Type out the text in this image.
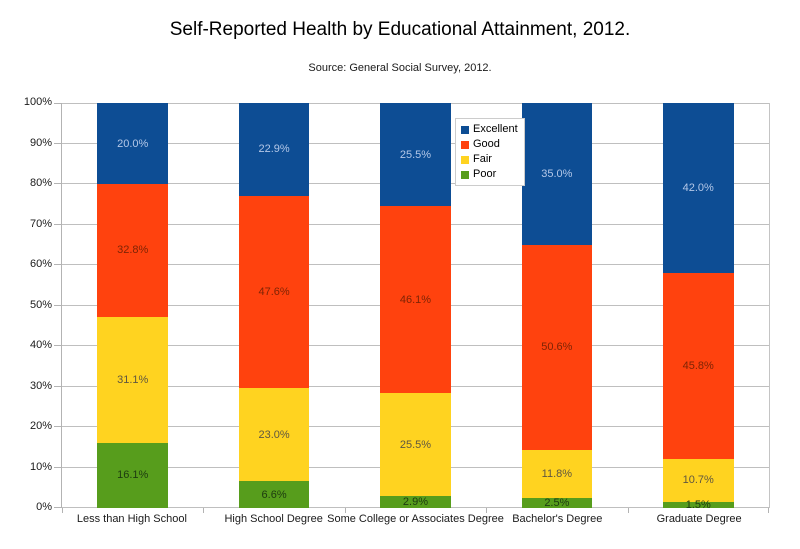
Self-Reported Health by Educational Attainment, 2012.
Source: General Social Survey, 2012.
0%
10%
20%
30%
40%
50%
60%
70%
80%
90%
100%
20.0%
32.8%
31.1%
16.1%
22.9%
47.6%
23.0%
6.6%
25.5%
46.1%
25.5%
2.9%
35.0%
50.6%
11.8%
2.5%
42.0%
45.8%
10.7%
1.5%
Excellent
Good
Fair
Poor
Less than High School	High School Degree Some College or Associates Degree Bachelor's Degree	Graduate Degree
